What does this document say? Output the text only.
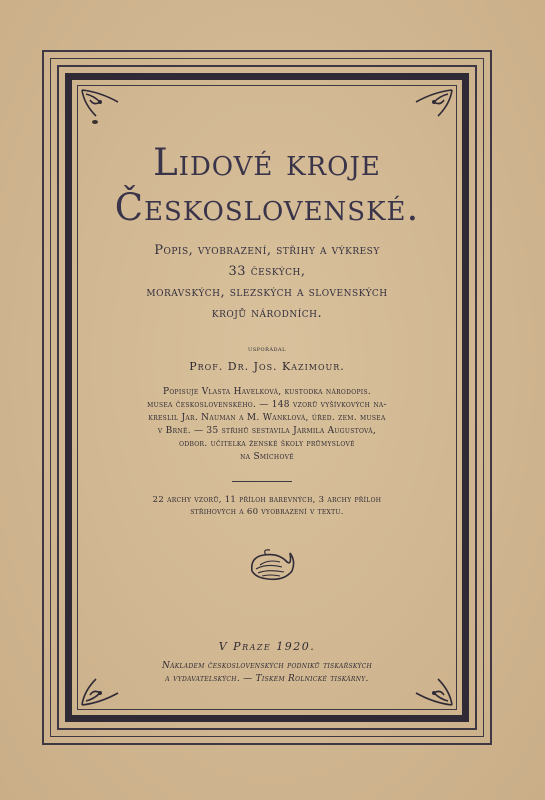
Lidové kroje
Československé.
Popis, vyobrazení, střihy a výkresy
33 českých,
moravských, slezských a slovenských
krojů národních.
uspořádal
Prof. Dr. Jos. Kazimour.
Popisuje Vlasta Havelková, kustodka národopis.
musea československého. — 148 vzorů vyšívkových na-
kreslil Jar. Nauman a M. Wanklová, úřed. zem. musea
v Brně. — 35 střihů sestavila Jarmila Augustová,
odbor. učitelka ženské školy průmyslové
na Smíchově
22 archy vzorů, 11 příloh barevných, 3 archy příloh
střihových a 60 vyobrazení v textu.
V Praze 1920.
Nákladem československých podniků tiskařských
a vydavatelských. — Tiskem Rolnické tiskárny.
